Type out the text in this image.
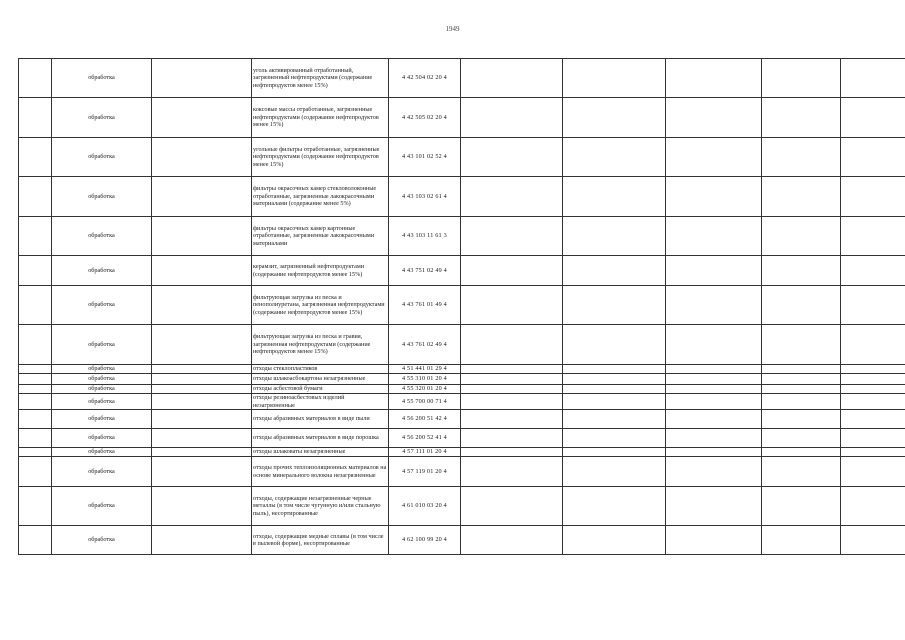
1949
	обработка		уголь активированный отработанный, загрязненный нефтепродуктами (содержание нефтепродуктов менее 15%)	4 42 504 02 20 4					
	обработка		коксовые массы отработанные, загрязненные нефтепродуктами (содержание нефтепродуктов менее 15%)	4 42 505 02 20 4					
	обработка		угольные фильтры отработанные, загрязненные нефтепродуктами (содержание нефтепродуктов менее 15%)	4 43 101 02 52 4					
	обработка		фильтры окрасочных камер стекловолоконные отработанные, загрязненные лакокрасочными материалами (содержание менее 5%)	4 43 103 02 61 4					
	обработка		фильтры окрасочных камер картонные отработанные, загрязненные лакокрасочными материалами	4 43 103 11 61 3					
	обработка		керамзит, загрязненный нефтепродуктами (содержание нефтепродуктов менее 15%)	4 43 751 02 49 4					
	обработка		фильтрующая загрузка из песка и пенополиуретана, загрязненная нефтепродуктами (содержание нефтепродуктов менее 15%)	4 43 761 01 49 4					
	обработка		фильтрующая загрузка из песка и гравия, загрязненная нефтепродуктами (содержание нефтепродуктов менее 15%)	4 43 761 02 49 4					
	обработка		отходы стеклопластиков	4 51 441 01 29 4					
	обработка		отходы шлакоасбокартона незагрязненные	4 55 310 01 20 4					
	обработка		отходы асбестовой бумаги	4 55 320 01 20 4					
	обработка		отходы резиноасбестовых изделий незагрязненные	4 55 700 00 71 4					
	обработка		отходы абразивных материалов в виде пыли	4 56 200 51 42 4					
	обработка		отходы абразивных материалов в виде порошка	4 56 200 52 41 4					
	обработка		отходы шлаковаты незагрязненные	4 57 111 01 20 4					
	обработка		отходы прочих теплоизоляционных материалов на основе минерального волокна незагрязненные	4 57 119 01 20 4					
	обработка		отходы, содержащие незагрязненные черные металлы (в том числе чугунную и/или стальную пыль), несортированные	4 61 010 03 20 4					
	обработка		отходы, содержащие медные сплавы (в том числе в пылевой форме), несортированные	4 62 100 99 20 4					
